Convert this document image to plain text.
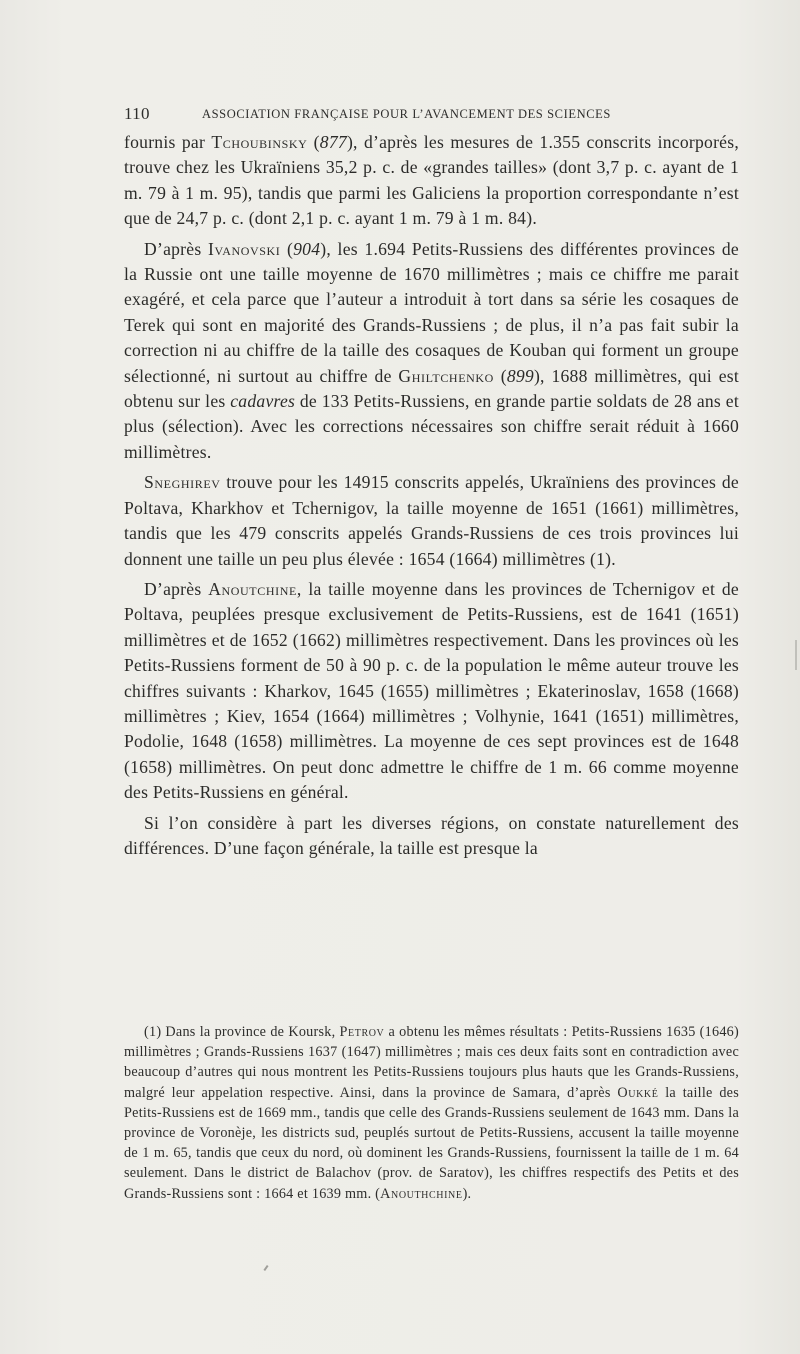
110	ASSOCIATION FRANÇAISE POUR L’AVANCEMENT DES SCIENCES

fournis par Tchoubinsky (877), d’après les mesures de 1.355 conscrits incorporés, trouve chez les Ukraïniens 35,2 p. c. de «grandes tailles» (dont 3,7 p. c. ayant de 1 m. 79 à 1 m. 95), tandis que parmi les Galiciens la proportion correspondante n’est que de 24,7 p. c. (dont 2,1 p. c. ayant 1 m. 79 à 1 m. 84).

D’après Ivanovski (904), les 1.694 Petits-Russiens des différentes provinces de la Russie ont une taille moyenne de 1670 millimètres ; mais ce chiffre me parait exagéré, et cela parce que l’auteur a introduit à tort dans sa série les cosaques de Terek qui sont en majorité des Grands-Russiens ; de plus, il n’a pas fait subir la correction ni au chiffre de la taille des cosaques de Kouban qui forment un groupe sélectionné, ni surtout au chiffre de Ghiltchenko (899), 1688 millimètres, qui est obtenu sur les cadavres de 133 Petits-Russiens, en grande partie soldats de 28 ans et plus (sélection). Avec les corrections nécessaires son chiffre serait réduit à 1660 millimètres.

Sneghirev trouve pour les 14915 conscrits appelés, Ukraïniens des provinces de Poltava, Kharkhov et Tchernigov, la taille moyenne de 1651 (1661) millimètres, tandis que les 479 conscrits appelés Grands-Russiens de ces trois provinces lui donnent une taille un peu plus élevée : 1654 (1664) millimètres (1).

D’après Anoutchine, la taille moyenne dans les provinces de Tchernigov et de Poltava, peuplées presque exclusivement de Petits-Russiens, est de 1641 (1651) millimètres et de 1652 (1662) millimètres respectivement. Dans les provinces où les Petits-Russiens forment de 50 à 90 p. c. de la population le même auteur trouve les chiffres suivants : Kharkov, 1645 (1655) millimètres ; Ekaterinoslav, 1658 (1668) millimètres ; Kiev, 1654 (1664) millimètres ; Volhynie, 1641 (1651) millimètres, Podolie, 1648 (1658) millimètres. La moyenne de ces sept provinces est de 1648 (1658) millimètres. On peut donc admettre le chiffre de 1 m. 66 comme moyenne des Petits-Russiens en général.

Si l’on considère à part les diverses régions, on constate naturellement des différences. D’une façon générale, la taille est presque la

(1) Dans la province de Koursk, Petrov a obtenu les mêmes résultats : Petits-Russiens 1635 (1646) millimètres ; Grands-Russiens 1637 (1647) millimètres ; mais ces deux faits sont en contradiction avec beaucoup d’autres qui nous montrent les Petits-Russiens toujours plus hauts que les Grands-Russiens, malgré leur appelation respective. Ainsi, dans la province de Samara, d’après Oukké la taille des Petits-Russiens est de 1669 mm., tandis que celle des Grands-Russiens seulement de 1643 mm. Dans la province de Voronèje, les districts sud, peuplés surtout de Petits-Russiens, accusent la taille moyenne de 1 m. 65, tandis que ceux du nord, où dominent les Grands-Russiens, fournissent la taille de 1 m. 64 seulement. Dans le district de Balachov (prov. de Saratov), les chiffres respectifs des Petits et des Grands-Russiens sont : 1664 et 1639 mm. (Anouthchine).
